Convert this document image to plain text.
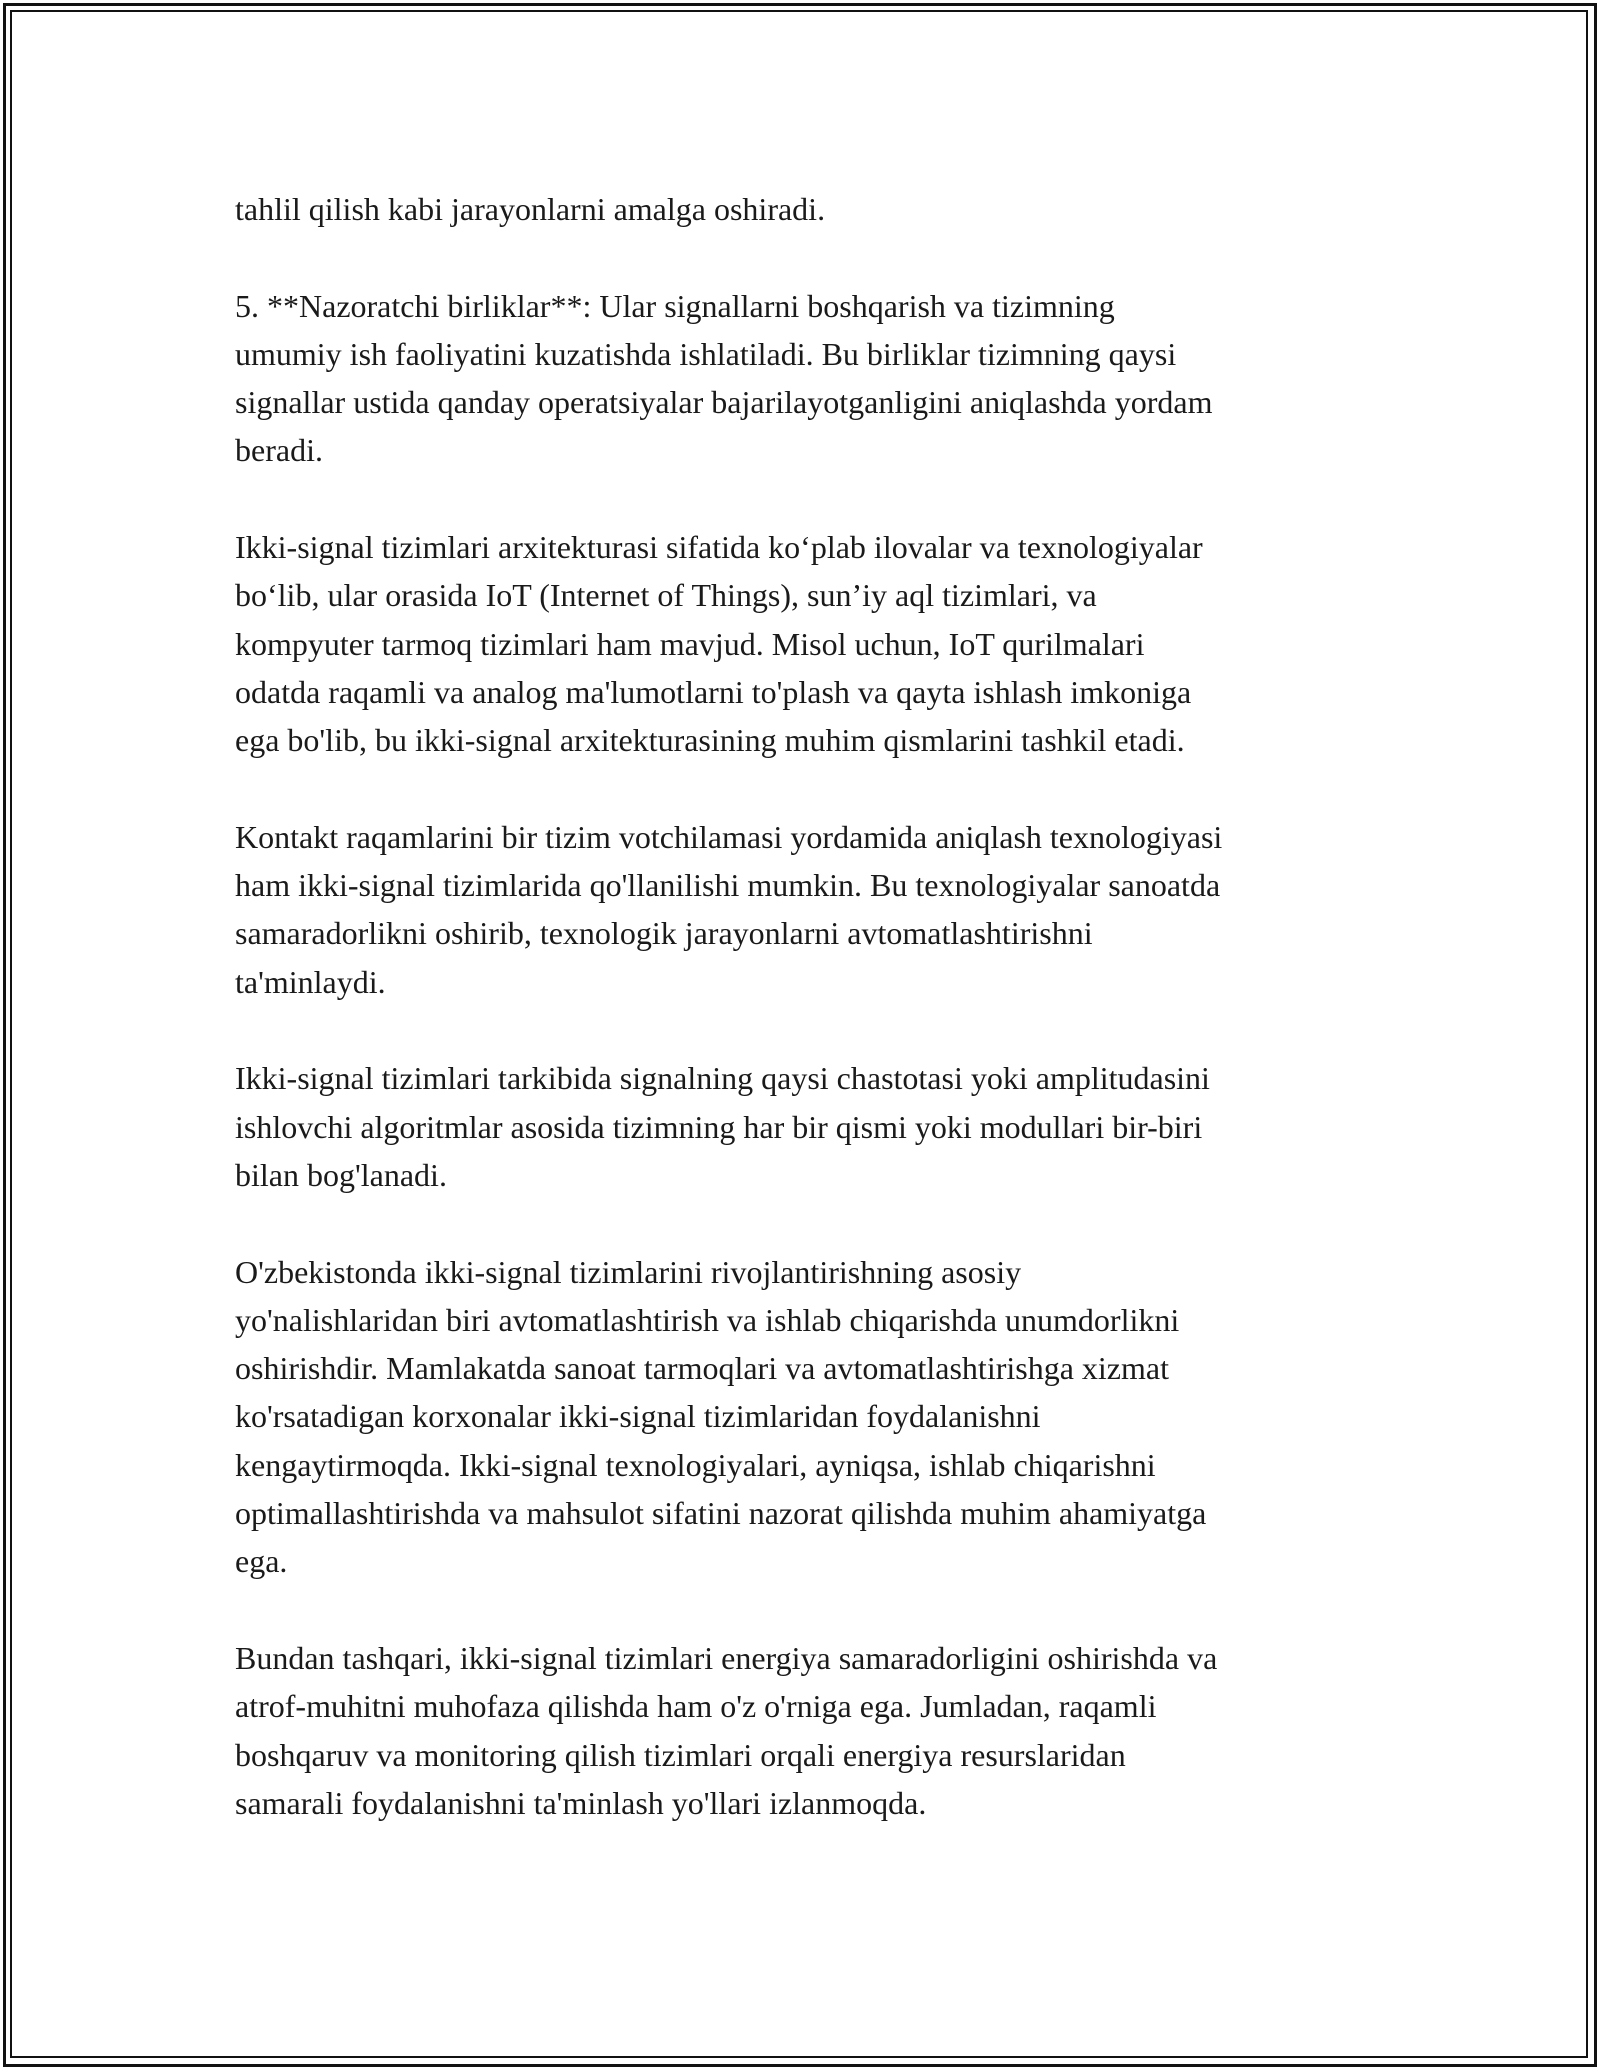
tahlil qilish kabi jarayonlarni amalga oshiradi.

5. **Nazoratchi birliklar**: Ular signallarni boshqarish va tizimning
umumiy ish faoliyatini kuzatishda ishlatiladi. Bu birliklar tizimning qaysi
signallar ustida qanday operatsiyalar bajarilayotganligini aniqlashda yordam
beradi.

Ikki-signal tizimlari arxitekturasi sifatida ko‘plab ilovalar va texnologiyalar
bo‘lib, ular orasida IoT (Internet of Things), sun’iy aql tizimlari, va
kompyuter tarmoq tizimlari ham mavjud. Misol uchun, IoT qurilmalari
odatda raqamli va analog ma'lumotlarni to'plash va qayta ishlash imkoniga
ega bo'lib, bu ikki-signal arxitekturasining muhim qismlarini tashkil etadi.

Kontakt raqamlarini bir tizim votchilamasi yordamida aniqlash texnologiyasi
ham ikki-signal tizimlarida qo'llanilishi mumkin. Bu texnologiyalar sanoatda
samaradorlikni oshirib, texnologik jarayonlarni avtomatlashtirishni
ta'minlaydi.

Ikki-signal tizimlari tarkibida signalning qaysi chastotasi yoki amplitudasini
ishlovchi algoritmlar asosida tizimning har bir qismi yoki modullari bir-biri
bilan bog'lanadi.

O'zbekistonda ikki-signal tizimlarini rivojlantirishning asosiy
yo'nalishlaridan biri avtomatlashtirish va ishlab chiqarishda unumdorlikni
oshirishdir. Mamlakatda sanoat tarmoqlari va avtomatlashtirishga xizmat
ko'rsatadigan korxonalar ikki-signal tizimlaridan foydalanishni
kengaytirmoqda. Ikki-signal texnologiyalari, ayniqsa, ishlab chiqarishni
optimallashtirishda va mahsulot sifatini nazorat qilishda muhim ahamiyatga
ega.

Bundan tashqari, ikki-signal tizimlari energiya samaradorligini oshirishda va
atrof-muhitni muhofaza qilishda ham o'z o'rniga ega. Jumladan, raqamli
boshqaruv va monitoring qilish tizimlari orqali energiya resurslaridan
samarali foydalanishni ta'minlash yo'llari izlanmoqda.
